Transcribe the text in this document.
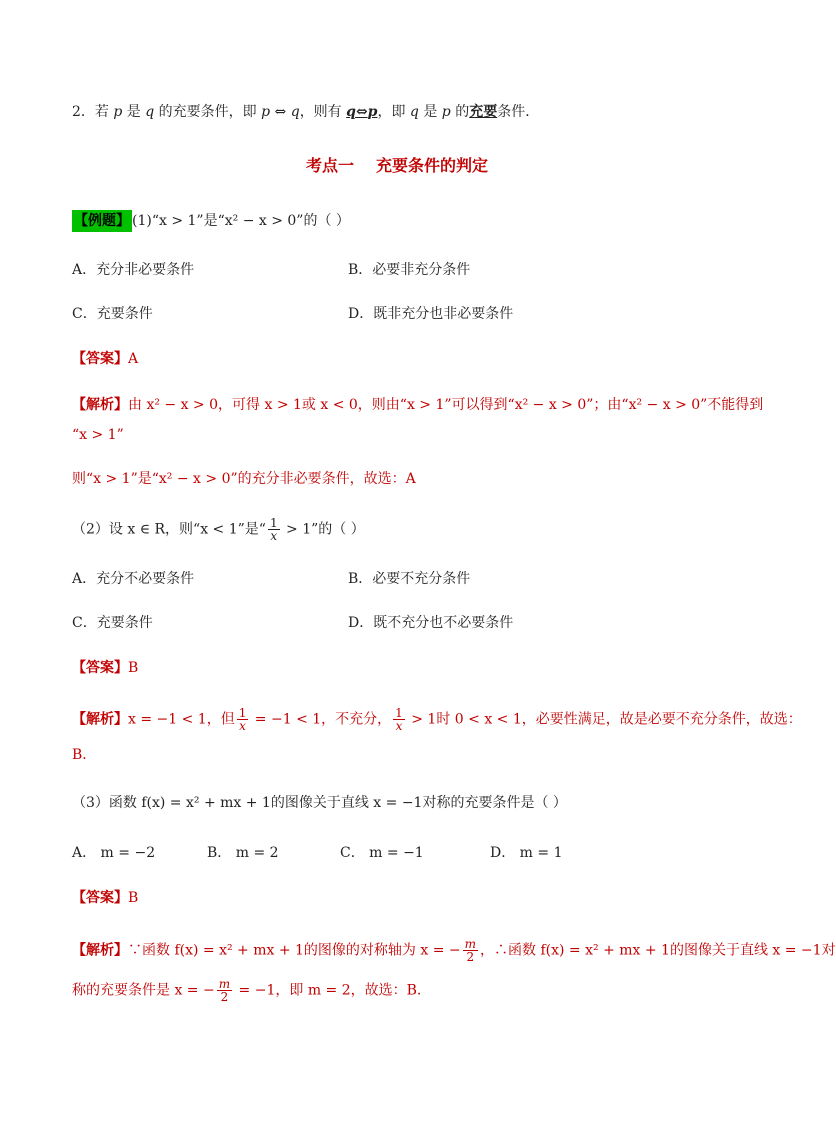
2．若 p 是 q 的充要条件，即 p ⇔ q，则有 q⇔p，即 q 是 p 的充要条件．
考点一 充要条件的判定
【例题】 (1)“x > 1”是“x² − x > 0”的（ ）
A．充分非必要条件	B．必要非充分条件
C．充要条件	D．既非充分也非必要条件
【答案】A
【解析】由 x² − x > 0，可得 x > 1或 x < 0，则由“x > 1”可以得到“x² − x > 0”；由“x² − x > 0”不能得到
“x > 1”
则“x > 1”是“x² − x > 0”的充分非必要条件，故选：A
（2）设 x ∈ R，则“x < 1”是“ $\frac{1}{x} > 1$”的（ ）
A．充分不必要条件	B．必要不充分条件
C．充要条件	D．既不充分也不必要条件
【答案】B
【解析】x = −1 < 1，但 $\frac{1}{x} = -1 < 1$，不充分， $\frac{1}{x} > 1$时 0 < x < 1，必要性满足，故是必要不充分条件，故选：
B．
（3）函数 f(x) = x² + mx + 1的图像关于直线 x = −1对称的充要条件是（ ）
A． m = −2	B． m = 2	C． m = −1	D． m = 1
【答案】B
【解析】∵函数 f(x) = x² + mx + 1的图像的对称轴为 x = − $\frac{m}{2}$ ，∴函数 f(x) = x² + mx + 1的图像关于直线 x = −1对
称的充要条件是 x = − $\frac{m}{2} = -1$，即 m = 2，故选：B.
